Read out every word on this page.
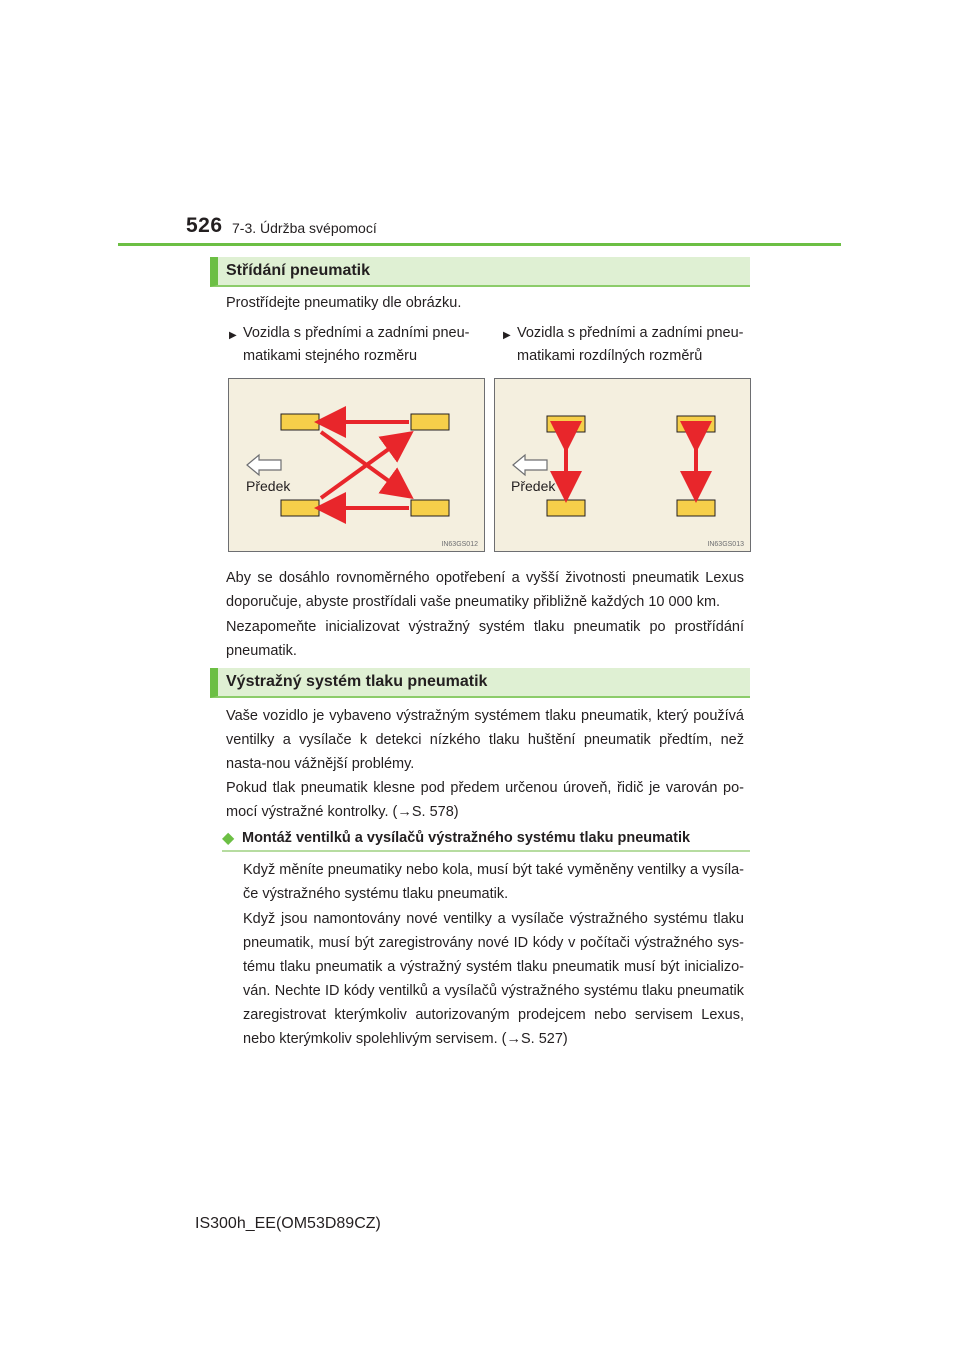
526 7-3. Údržba svépomocí
Střídání pneumatik

Prostřídejte pneumatiky dle obrázku.

▶ Vozidla s předními a zadními pneu-matikami stejného rozměru

▶ Vozidla s předními a zadními pneu-matikami rozdílných rozměrů

Předek
IN63GS012
Předek
IN63GS013

Aby se dosáhlo rovnoměrného opotřebení a vyšší životnosti pneumatik Lexus doporučuje, abyste prostřídali vaše pneumatiky přibližně každých 10 000 km.

Nezapomeňte inicializovat výstražný systém tlaku pneumatik po prostřídání pneumatik.

Výstražný systém tlaku pneumatik

Vaše vozidlo je vybaveno výstražným systémem tlaku pneumatik, který používá ventilky a vysílače k detekci nízkého tlaku huštění pneumatik předtím, než nasta-nou vážnější problémy.

Pokud tlak pneumatik klesne pod předem určenou úroveň, řidič je varován po-mocí výstražné kontrolky. (→S. 578)

◆ Montáž ventilků a vysílačů výstražného systému tlaku pneumatik

Když měníte pneumatiky nebo kola, musí být také vyměněny ventilky a vysíla-če výstražného systému tlaku pneumatik.

Když jsou namontovány nové ventilky a vysílače výstražného systému tlaku pneumatik, musí být zaregistrovány nové ID kódy v počítači výstražného sys-tému tlaku pneumatik a výstražný systém tlaku pneumatik musí být inicializo-ván. Nechte ID kódy ventilků a vysílačů výstražného systému tlaku pneumatik zaregistrovat kterýmkoliv autorizovaným prodejcem nebo servisem Lexus, nebo kterýmkoliv spolehlivým servisem. (→S. 527)

IS300h_EE(OM53D89CZ)
